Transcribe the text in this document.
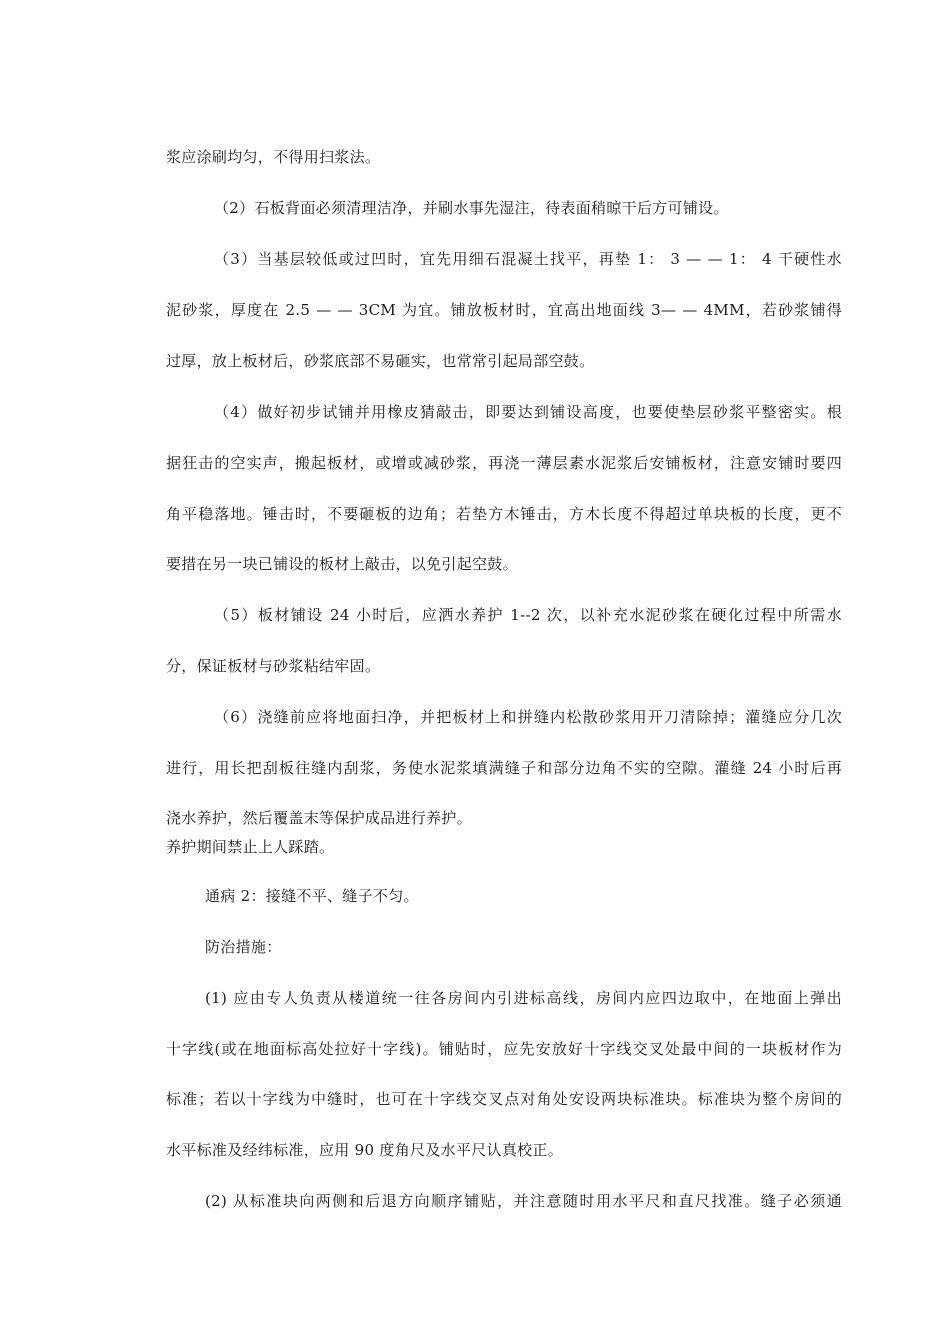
浆应涂刷均匀，不得用扫浆法。
（2）石板背面必须清理洁净，并刷水事先湿注，待表面稍晾干后方可铺设。
（3）当基层较低或过凹时，宜先用细石混凝土找平，再垫 1： 3 — — 1： 4 干硬性水
泥砂浆，厚度在 2.5 — — 3CM 为宜。铺放板材时，宜高出地面线 3— — 4MM，若砂浆铺得
过厚，放上板材后，砂浆底部不易砸实，也常常引起局部空鼓。
（4）做好初步试铺并用橡皮猜敲击，即要达到铺设高度，也要使垫层砂浆平整密实。根
据狂击的空实声，搬起板材，或增或减砂浆，再浇一薄层素水泥浆后安铺板材，注意安铺时要四
角平稳落地。锤击时，不要砸板的边角；若垫方木锤击，方木长度不得超过单块板的长度，更不
要措在另一块已铺设的板材上敲击，以免引起空鼓。
（5）板材铺设 24 小时后，应洒水养护 1--2 次，以补充水泥砂浆在硬化过程中所需水
分，保证板材与砂浆粘结牢固。
（6）浇缝前应将地面扫净，并把板材上和拼缝内松散砂浆用开刀清除掉；灌缝应分几次
进行，用长把刮板往缝内刮浆，务使水泥浆填满缝子和部分边角不实的空隙。灌缝 24 小时后再
浇水养护，然后覆盖末等保护成品进行养护。
养护期间禁止上人踩踏。
通病 2：接缝不平、缝子不匀。
防治措施：
(1) 应由专人负责从楼道统一往各房间内引进标高线，房间内应四边取中，在地面上弹出
十字线(或在地面标高处拉好十字线)。铺贴时，应先安放好十字线交叉处最中间的一块板材作为
标准；若以十字线为中缝时，也可在十字线交叉点对角处安设两块标准块。标准块为整个房间的
水平标准及经纬标准，应用 90 度角尺及水平尺认真校正。
(2) 从标准块向两侧和后退方向顺序铺贴，并注意随时用水平尺和直尺找准。缝子必须通
